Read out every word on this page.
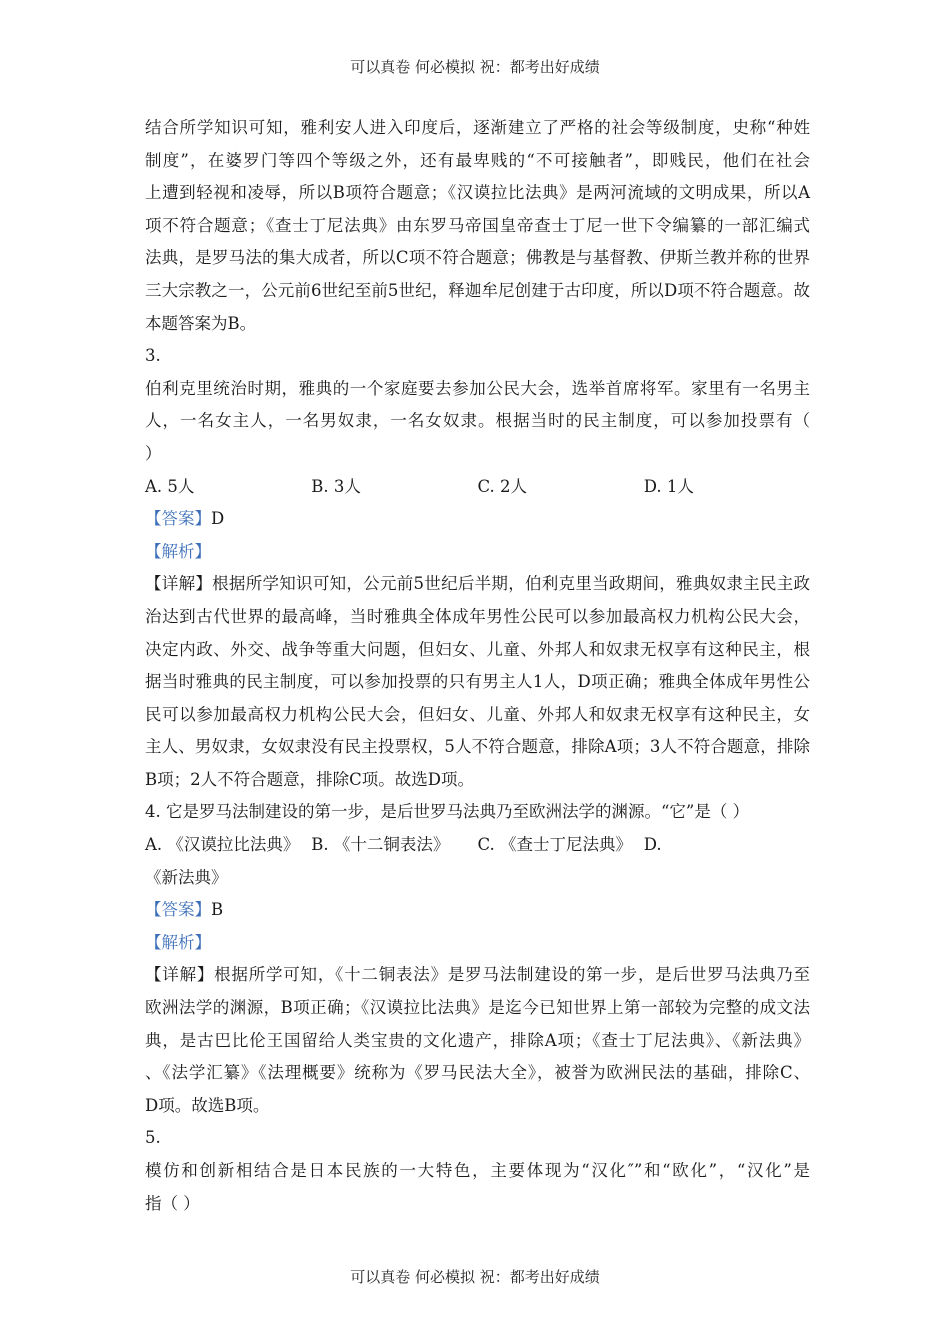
可以真卷 何必模拟 祝：都考出好成绩
结合所学知识可知，雅利安人进入印度后，逐渐建立了严格的社会等级制度，史称“种姓
制度”，在婆罗门等四个等级之外，还有最卑贱的“不可接触者”，即贱民，他们在社会
上遭到轻视和凌辱，所以B项符合题意；《汉谟拉比法典》是两河流域的文明成果，所以A
项不符合题意；《查士丁尼法典》由东罗马帝国皇帝查士丁尼一世下令编纂的一部汇编式
法典，是罗马法的集大成者，所以C项不符合题意；佛教是与基督教、伊斯兰教并称的世界
三大宗教之一，公元前6世纪至前5世纪，释迦牟尼创建于古印度，所以D项不符合题意。故
本题答案为B。
3.
伯利克里统治时期，雅典的一个家庭要去参加公民大会，选举首席将军。家里有一名男主
人，一名女主人，一名男奴隶，一名女奴隶。根据当时的民主制度，可以参加投票有（
）
A. 5人	B. 3人	C. 2人	D. 1人
【答案】D
【解析】
【详解】根据所学知识可知，公元前5世纪后半期，伯利克里当政期间，雅典奴隶主民主政
治达到古代世界的最高峰，当时雅典全体成年男性公民可以参加最高权力机构公民大会，
决定内政、外交、战争等重大问题，但妇女、儿童、外邦人和奴隶无权享有这种民主，根
据当时雅典的民主制度，可以参加投票的只有男主人1人，D项正确；雅典全体成年男性公
民可以参加最高权力机构公民大会，但妇女、儿童、外邦人和奴隶无权享有这种民主，女
主人、男奴隶，女奴隶没有民主投票权，5人不符合题意，排除A项；3人不符合题意，排除
B项；2人不符合题意，排除C项。故选D项。
4. 它是罗马法制建设的第一步，是后世罗马法典乃至欧洲法学的渊源。“它”是（ ）
A. 《汉谟拉比法典》 B. 《十二铜表法》	C. 《查士丁尼法典》 D.
《新法典》
【答案】B
【解析】
【详解】根据所学可知，《十二铜表法》是罗马法制建设的第一步，是后世罗马法典乃至
欧洲法学的渊源，B项正确；《汉谟拉比法典》是迄今已知世界上第一部较为完整的成文法
典，是古巴比伦王国留给人类宝贵的文化遗产，排除A项；《查士丁尼法典》、《新法典》
、《法学汇纂》《法理概要》统称为《罗马民法大全》，被誉为欧洲民法的基础，排除C、
D项。故选B项。
5.
模仿和创新相结合是日本民族的一大特色，主要体现为“汉化″”和“欧化”，“汉化”是
指（ ）
可以真卷 何必模拟 祝：都考出好成绩
